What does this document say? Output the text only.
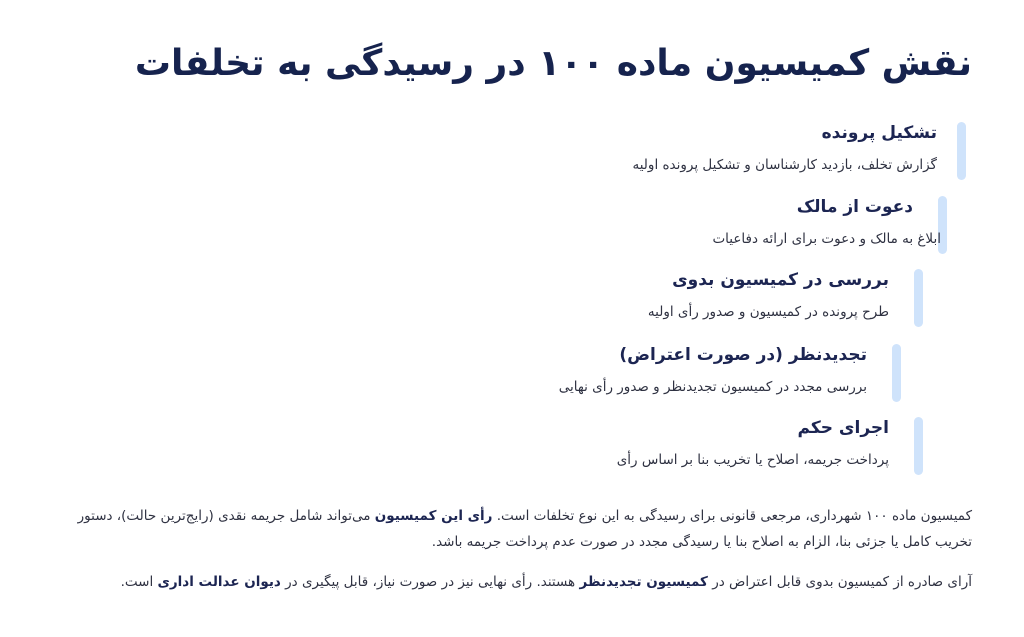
نقش کمیسیون ماده ۱۰۰ در رسیدگی به تخلفات
تشکیل پرونده
گزارش تخلف، بازدید کارشناسان و تشکیل پرونده اولیه
دعوت از مالک
ابلاغ به مالک و دعوت برای ارائه دفاعیات
بررسی در کمیسیون بدوی
طرح پرونده در کمیسیون و صدور رأی اولیه
تجدیدنظر (در صورت اعتراض)
بررسی مجدد در کمیسیون تجدیدنظر و صدور رأی نهایی
اجرای حکم
پرداخت جریمه، اصلاح یا تخریب بنا بر اساس رأی

کمیسیون ماده ۱۰۰ شهرداری، مرجعی قانونی برای رسیدگی به این نوع تخلفات است. رأی این کمیسیون می‌تواند شامل جریمه نقدی (رایج‌ترین حالت)، دستور تخریب کامل یا جزئی بنا، الزام به اصلاح بنا یا رسیدگی مجدد در صورت عدم پرداخت جریمه باشد.

آرای صادره از کمیسیون بدوی قابل اعتراض در کمیسیون تجدیدنظر هستند. رأی نهایی نیز در صورت نیاز، قابل پیگیری در دیوان عدالت اداری است.
